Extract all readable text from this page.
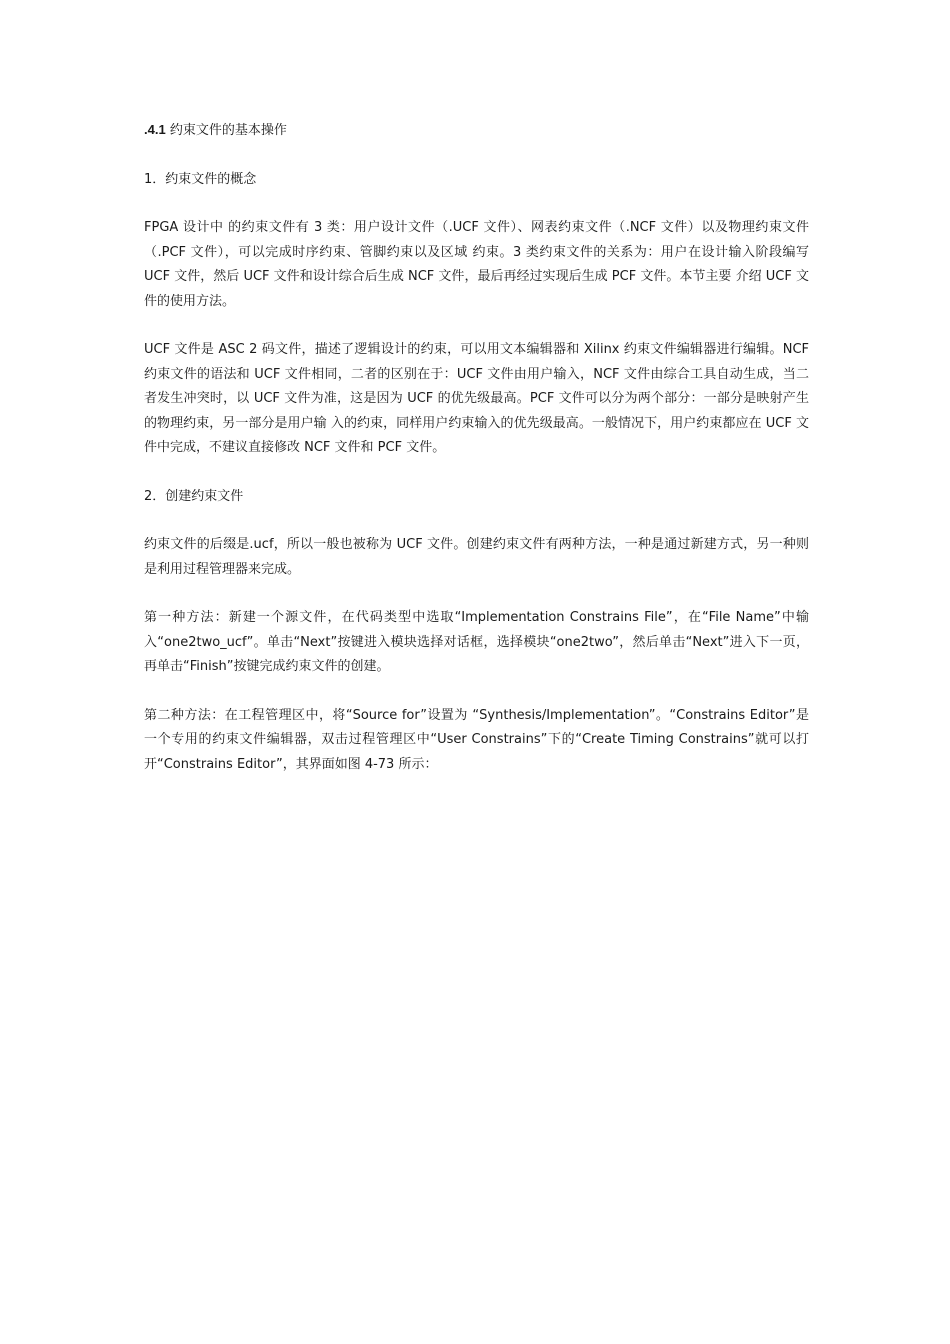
.4.1 约束文件的基本操作
1．约束文件的概念

FPGA 设计中 的约束文件有 3 类：用户设计文件（.UCF 文件）、网表约束文件（.NCF 文件）以及物理约束文件（.PCF 文件），可以完成时序约束、管脚约束以及区域 约束。3 类约束文件的关系为：用户在设计输入阶段编写 UCF 文件，然后 UCF 文件和设计综合后生成 NCF 文件，最后再经过实现后生成 PCF 文件。本节主要 介绍 UCF 文件的使用方法。

UCF 文件是 ASC 2 码文件，描述了逻辑设计的约束，可以用文本编辑器和 Xilinx 约束文件编辑器进行编辑。NCF 约束文件的语法和 UCF 文件相同，二者的区别在于：UCF 文件由用户输入，NCF 文件由综合工具自动生成，当二者发生冲突时，以 UCF 文件为准，这是因为 UCF 的优先级最高。PCF 文件可以分为两个部分：一部分是映射产生的物理约束，另一部分是用户输 入的约束，同样用户约束输入的优先级最高。一般情况下，用户约束都应在 UCF 文件中完成，不建议直接修改 NCF 文件和 PCF 文件。

2．创建约束文件

约束文件的后缀是.ucf，所以一般也被称为 UCF 文件。创建约束文件有两种方法，一种是通过新建方式，另一种则是利用过程管理器来完成。

第一种方法：新建一个源文件，在代码类型中选取“Implementation Constrains File”，在“File Name”中输入“one2two_ucf”。单击“Next”按键进入模块选择对话框，选择模块“one2two”，然后单击“Next”进入下一页，再单击“Finish”按键完成约束文件的创建。

第二种方法：在工程管理区中，将“Source for”设置为 “Synthesis/Implementation”。“Constrains Editor”是一个专用的约束文件编辑器，双击过程管理区中“User Constrains”下的“Create Timing Constrains”就可以打开“Constrains Editor”，其界面如图 4-73 所示：
